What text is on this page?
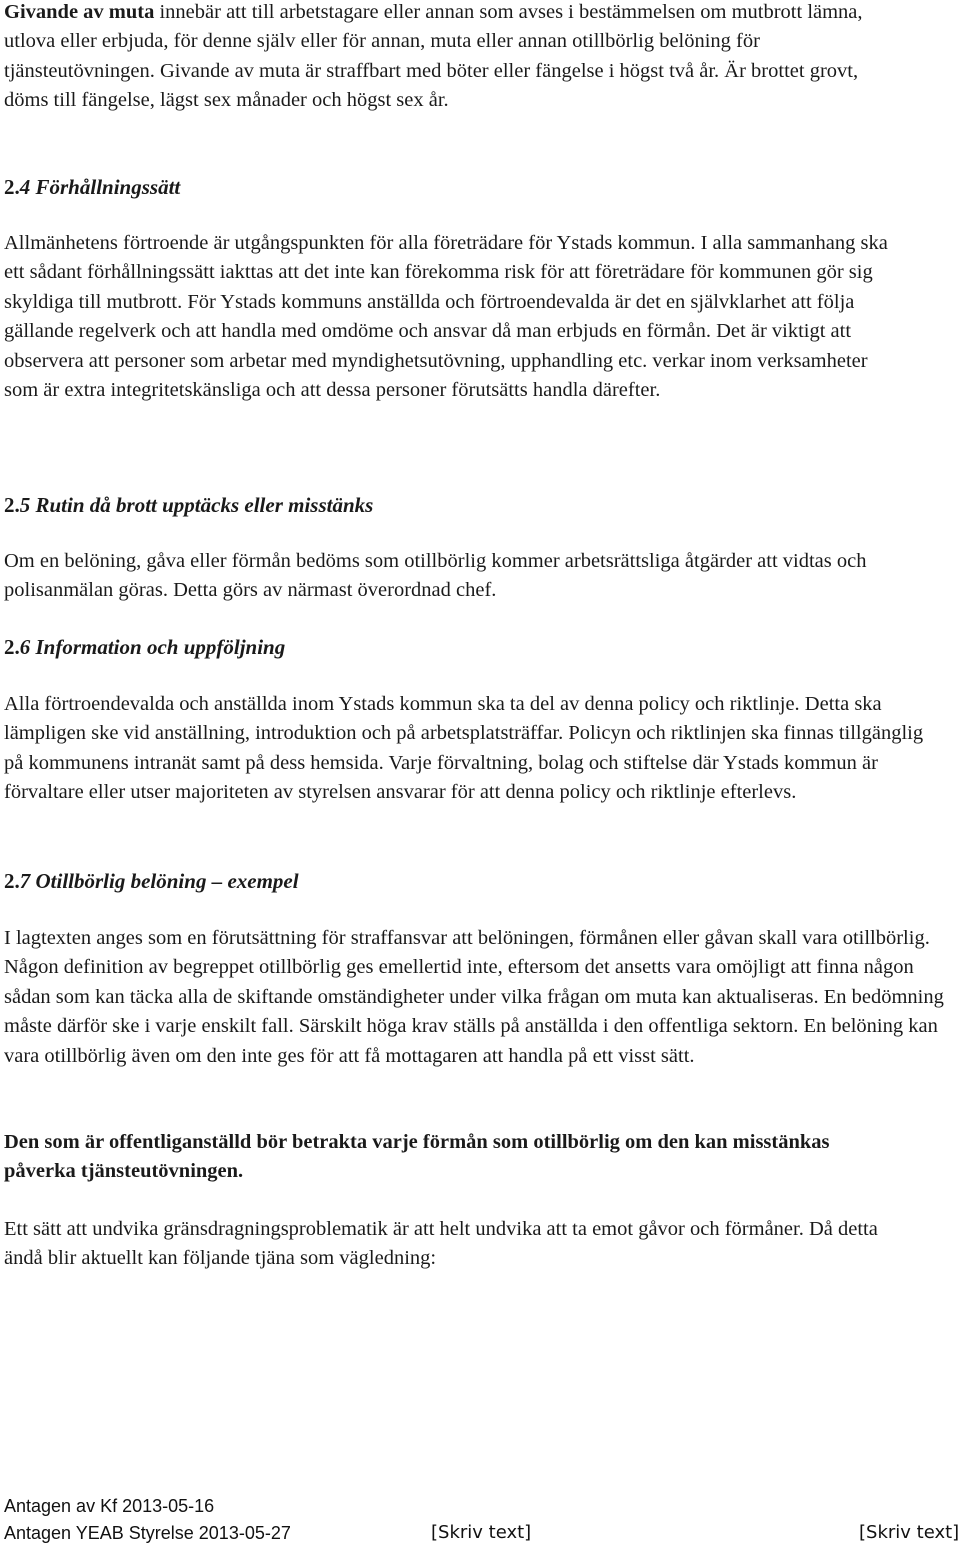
Givande av muta innebär att till arbetstagare eller annan som avses i bestämmelsen om mutbrott lämna, utlova eller erbjuda, för denne själv eller för annan, muta eller annan otillbörlig belöning för tjänsteutövningen. Givande av muta är straffbart med böter eller fängelse i högst två år. Är brottet grovt, döms till fängelse, lägst sex månader och högst sex år.

2.4 Förhållningssätt

Allmänhetens förtroende är utgångspunkten för alla företrädare för Ystads kommun. I alla sammanhang ska ett sådant förhållningssätt iakttas att det inte kan förekomma risk för att företrädare för kommunen gör sig skyldiga till mutbrott. För Ystads kommuns anställda och förtroendevalda är det en självklarhet att följa gällande regelverk och att handla med omdöme och ansvar då man erbjuds en förmån. Det är viktigt att observera att personer som arbetar med myndighetsutövning, upphandling etc. verkar inom verksamheter som är extra integritetskänsliga och att dessa personer förutsätts handla därefter.

2.5 Rutin då brott upptäcks eller misstänks

Om en belöning, gåva eller förmån bedöms som otillbörlig kommer arbetsrättsliga åtgärder att vidtas och polisanmälan göras. Detta görs av närmast överordnad chef.

2.6 Information och uppföljning

Alla förtroendevalda och anställda inom Ystads kommun ska ta del av denna policy och riktlinje. Detta ska lämpligen ske vid anställning, introduktion och på arbetsplatsträffar. Policyn och riktlinjen ska finnas tillgänglig på kommunens intranät samt på dess hemsida. Varje förvaltning, bolag och stiftelse där Ystads kommun är förvaltare eller utser majoriteten av styrelsen ansvarar för att denna policy och riktlinje efterlevs.

2.7 Otillbörlig belöning – exempel

I lagtexten anges som en förutsättning för straffansvar att belöningen, förmånen eller gåvan skall vara otillbörlig. Någon definition av begreppet otillbörlig ges emellertid inte, eftersom det ansetts vara omöjligt att finna någon sådan som kan täcka alla de skiftande omständigheter under vilka frågan om muta kan aktualiseras. En bedömning måste därför ske i varje enskilt fall. Särskilt höga krav ställs på anställda i den offentliga sektorn. En belöning kan vara otillbörlig även om den inte ges för att få mottagaren att handla på ett visst sätt.

Den som är offentliganställd bör betrakta varje förmån som otillbörlig om den kan misstänkas påverka tjänsteutövningen.

Ett sätt att undvika gränsdragningsproblematik är att helt undvika att ta emot gåvor och förmåner. Då detta ändå blir aktuellt kan följande tjäna som vägledning:

Antagen av Kf 2013-05-16
Antagen YEAB Styrelse 2013-05-27	[Skriv text]	[Skriv text]
